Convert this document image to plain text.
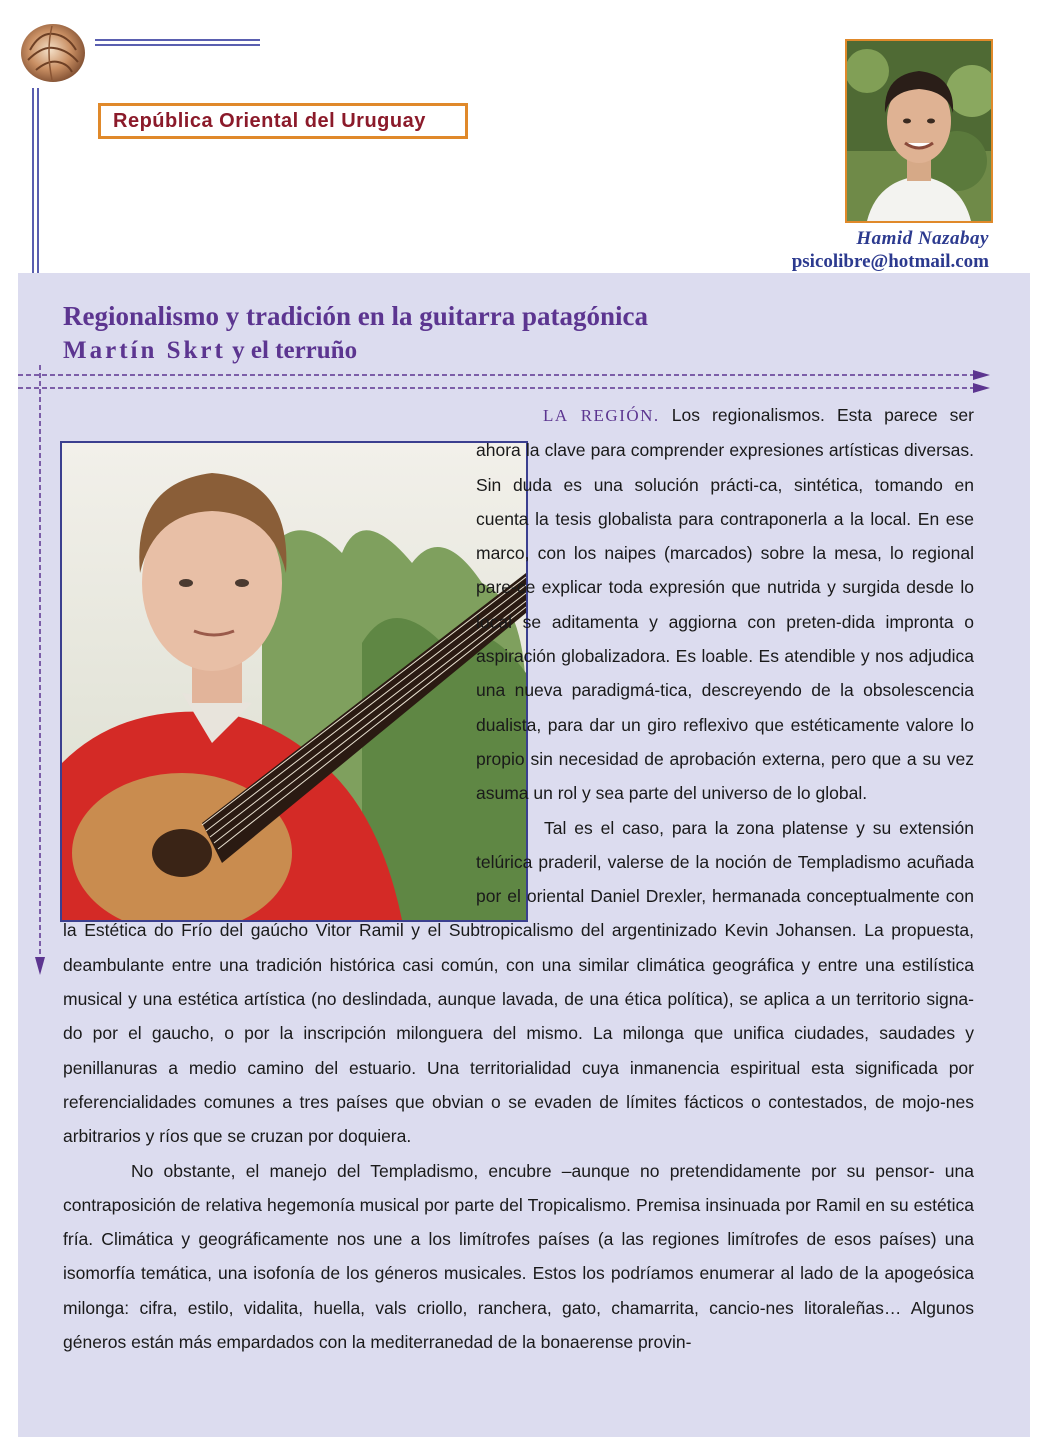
República Oriental del Uruguay
Hamid Nazabay
psicolibre@hotmail.com
Regionalismo y tradición en la guitarra patagónica
Martín Skrt y el terruño

LA REGIÓN. Los regionalismos. Esta parece ser ahora la clave para comprender expresiones artísticas diversas. Sin duda es una solución prácti-ca, sintética, tomando en cuenta la tesis globalista para contraponerla a la local. En ese marco, con los naipes (marcados) sobre la mesa, lo regional pare-ce explicar toda expresión que nutrida y surgida desde lo local se aditamenta y aggiorna con preten-dida impronta o aspiración globalizadora. Es loable. Es atendible y nos adjudica una nueva paradigmá-tica, descreyendo de la obsolescencia dualista, para dar un giro reflexivo que estéticamente valore lo propio sin necesidad de aprobación externa, pero que a su vez asuma un rol y sea parte del universo de lo global.

Tal es el caso, para la zona platense y su extensión telúrica praderil, valerse de la noción de Templadismo acuñada por el oriental Daniel Drexler, hermanada conceptualmente con la Estética do Frío del gaúcho Vitor Ramil y el Subtropicalismo del argentinizado Kevin Johansen. La propuesta, deambulante entre una tradición histórica casi común, con una similar climática geográfica y entre una estilística musical y una estética artística (no deslindada, aunque lavada, de una ética política), se aplica a un territorio signa-do por el gaucho, o por la inscripción milonguera del mismo. La milonga que unifica ciudades, saudades y penillanuras a medio camino del estuario. Una territorialidad cuya inmanencia espiritual esta significada por referencialidades comunes a tres países que obvian o se evaden de límites fácticos o contestados, de mojo-nes arbitrarios y ríos que se cruzan por doquiera.

No obstante, el manejo del Templadismo, encubre –aunque no pretendidamente por su pensor- una contraposición de relativa hegemonía musical por parte del Tropicalismo. Premisa insinuada por Ramil en su estética fría. Climática y geográficamente nos une a los limítrofes países (a las regiones limítrofes de esos países) una isomorfía temática, una isofonía de los géneros musicales. Estos los podríamos enumerar al lado de la apogeósica milonga: cifra, estilo, vidalita, huella, vals criollo, ranchera, gato, chamarrita, cancio-nes litoraleñas… Algunos géneros están más empardados con la mediterranedad de la bonaerense provin-
